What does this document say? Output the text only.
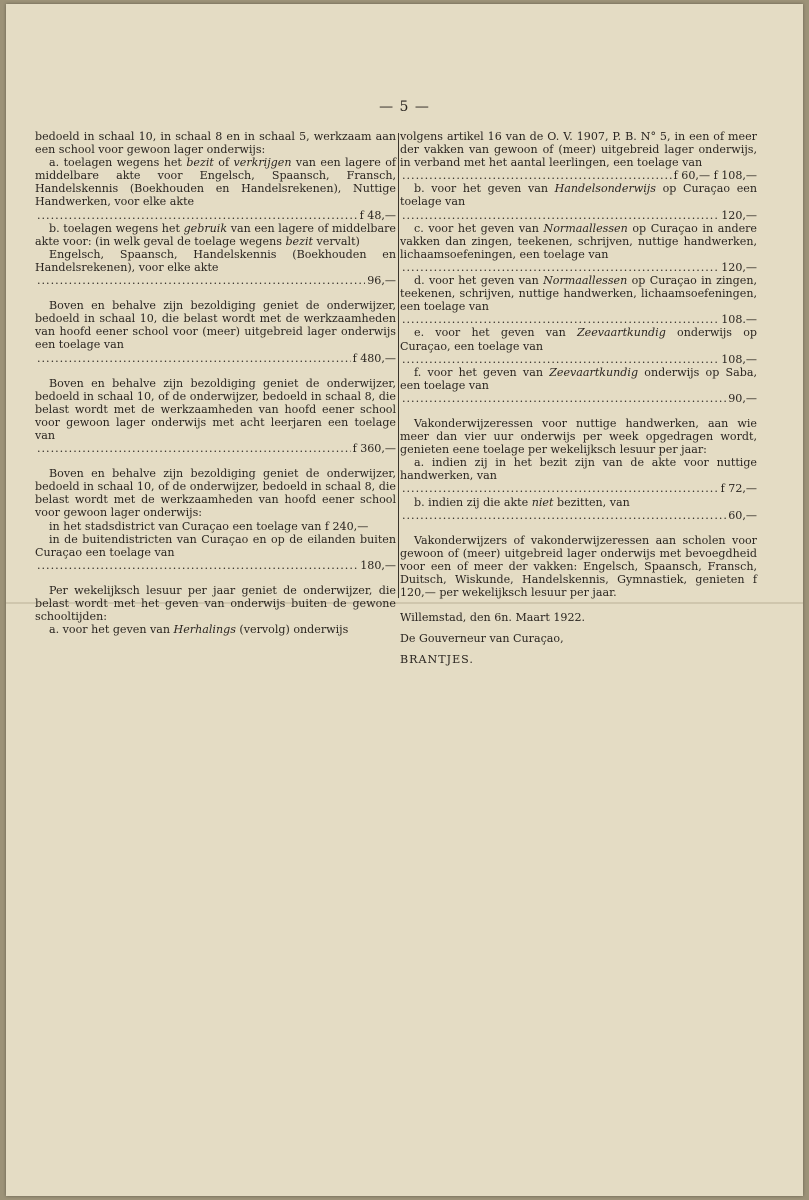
— 5 —

bedoeld in schaal 10, in schaal 8 en in schaal 5, werkzaam aan een school voor gewoon lager onderwijs:

a. toelagen wegens het bezit of verkrijgen van een lagere of middelbare akte voor Engelsch, Spaansch, Fransch, Handelskennis (Boekhouden en Handelsrekenen), Nuttige Handwerken, voor elke akte

.....
f 48,—

b. toelagen wegens het gebruik van een lagere of middelbare akte voor: (in welk geval de toelage wegens bezit vervalt)

Engelsch, Spaansch, Handelskennis (Boekhouden en Handelsrekenen), voor elke akte

.....
96,—

Boven en behalve zijn bezoldiging geniet de onderwijzer, bedoeld in schaal 10, die belast wordt met de werkzaamheden van hoofd eener school voor (meer) uitgebreid lager onderwijs een toelage van

.....
f 480,—

Boven en behalve zijn bezoldiging geniet de onderwijzer, bedoeld in schaal 10, of de onderwijzer, bedoeld in schaal 8, die belast wordt met de werkzaamheden van hoofd eener school voor gewoon lager onderwijs met acht leerjaren een toelage van

.....
f 360,—

Boven en behalve zijn bezoldiging geniet de onderwijzer, bedoeld in schaal 10, of de onderwijzer, bedoeld in schaal 8, die belast wordt met de werkzaamheden van hoofd eener school voor gewoon lager onderwijs:

in het stadsdistrict van Curaçao een toelage van f 240,—

in de buitendistricten van Curaçao en op de eilanden buiten Curaçao een toelage van

.....
180,—

Per wekelijksch lesuur per jaar geniet de onderwijzer, die belast wordt met het geven van onderwijs buiten de gewone schooltijden:

a. voor het geven van Herhalings (vervolg) onderwijs

volgens artikel 16 van de O. V. 1907, P. B. N° 5, in een of meer der vakken van gewoon of (meer) uitgebreid lager onderwijs, in verband met het aantal leerlingen, een toelage van

.....
f 60,— f 108,—

b. voor het geven van Handelsonderwijs op Curaçao een toelage van

.....
120,—

c. voor het geven van Normaallessen op Curaçao in andere vakken dan zingen, teekenen, schrijven, nuttige handwerken, lichaamsoefeningen, een toelage van

.....
120,—

d. voor het geven van Normaallessen op Curaçao in zingen, teekenen, schrijven, nuttige handwerken, lichaamsoefeningen, een toelage van

.....
108.—

e. voor het geven van Zeevaartkundig onderwijs op Curaçao, een toelage van

.....
108,—

f. voor het geven van Zeevaartkundig onderwijs op Saba, een toelage van

.....
90,—

Vakonderwijzeressen voor nuttige handwerken, aan wie meer dan vier uur onderwijs per week opgedragen wordt, genieten eene toelage per wekelijksch lesuur per jaar:

a. indien zij in het bezit zijn van de akte voor nuttige handwerken, van

.....
f 72,—

b. indien zij die akte niet bezitten, van

.....
60,—

Vakonderwijzers of vakonderwijzeressen aan scholen voor gewoon of (meer) uitgebreid lager onderwijs met bevoegdheid voor een of meer der vakken: Engelsch, Spaansch, Fransch, Duitsch, Wiskunde, Handelskennis, Gymnastiek, genieten f 120,— per wekelijksch lesuur per jaar.

Willemstad, den 6n. Maart 1922.

De Gouverneur van Curaçao,

BRANTJES.
